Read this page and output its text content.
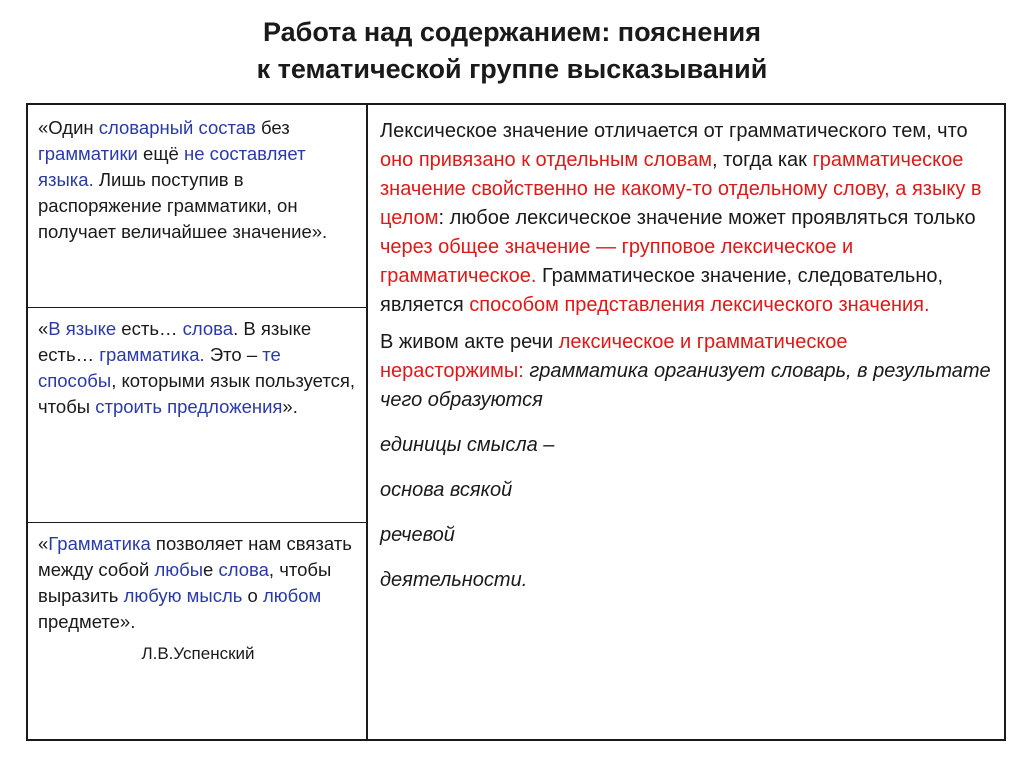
Работа над содержанием: пояснения
к тематической группе высказываний
«Один словарный состав без грамматики ещё не составляет языка. Лишь поступив в распоряжение грамматики, он получает величайшее значение».
«В языке есть… слова. В языке есть… грамматика. Это – те способы, которыми язык пользуется, чтобы строить предложения».
«Грамматика позволяет нам связать между собой любые слова, чтобы выразить любую мысль о любом предмете».
Л.В.Успенский

Лексическое значение отличается от грамматического тем, что оно привязано к отдельным словам, тогда как грамматическое значение свойственно не какому-то отдельному слову, а языку в целом: любое лексическое значение может проявляться только через общее значение — групповое лексическое и грамматическое. Грамматическое значение, следовательно, является способом представления лексического значения.

В живом акте речи лексическое и грамматическое нерасторжимы: грамматика организует словарь, в результате чего образуются

единицы смысла –

основа всякой

речевой

деятельности.
